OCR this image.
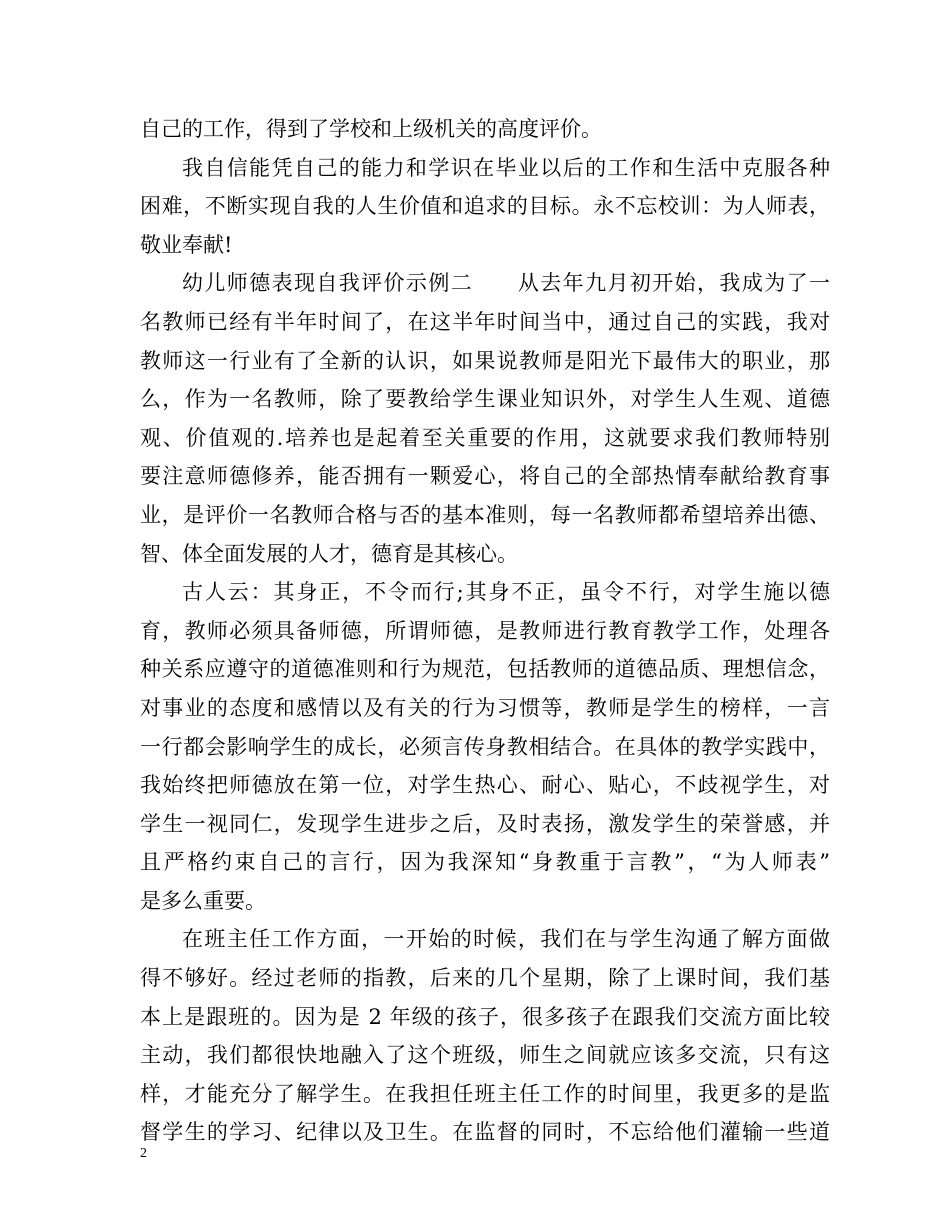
自己的工作，得到了学校和上级机关的高度评价。
我自信能凭自己的能力和学识在毕业以后的工作和生活中克服各种
困难，不断实现自我的人生价值和追求的目标。永不忘校训：为人师表，
敬业奉献!
幼儿师德表现自我评价示例二　　从去年九月初开始，我成为了一
名教师已经有半年时间了，在这半年时间当中，通过自己的实践，我对
教师这一行业有了全新的认识，如果说教师是阳光下最伟大的职业，那
么，作为一名教师，除了要教给学生课业知识外，对学生人生观、道德
观、价值观的.培养也是起着至关重要的作用，这就要求我们教师特别
要注意师德修养，能否拥有一颗爱心，将自己的全部热情奉献给教育事
业，是评价一名教师合格与否的基本准则，每一名教师都希望培养出德、
智、体全面发展的人才，德育是其核心。
古人云：其身正，不令而行;其身不正，虽令不行，对学生施以德
育，教师必须具备师德，所谓师德，是教师进行教育教学工作，处理各
种关系应遵守的道德准则和行为规范，包括教师的道德品质、理想信念，
对事业的态度和感情以及有关的行为习惯等，教师是学生的榜样，一言
一行都会影响学生的成长，必须言传身教相结合。在具体的教学实践中，
我始终把师德放在第一位，对学生热心、耐心、贴心，不歧视学生，对
学生一视同仁，发现学生进步之后，及时表扬，激发学生的荣誉感，并
且严格约束自己的言行，因为我深知“身教重于言教”，“为人师表”
是多么重要。
在班主任工作方面，一开始的时候，我们在与学生沟通了解方面做
得不够好。经过老师的指教，后来的几个星期，除了上课时间，我们基
本上是跟班的。因为是 2 年级的孩子，很多孩子在跟我们交流方面比较
主动，我们都很快地融入了这个班级，师生之间就应该多交流，只有这
样，才能充分了解学生。在我担任班主任工作的时间里，我更多的是监
督学生的学习、纪律以及卫生。在监督的同时，不忘给他们灌输一些道
2
